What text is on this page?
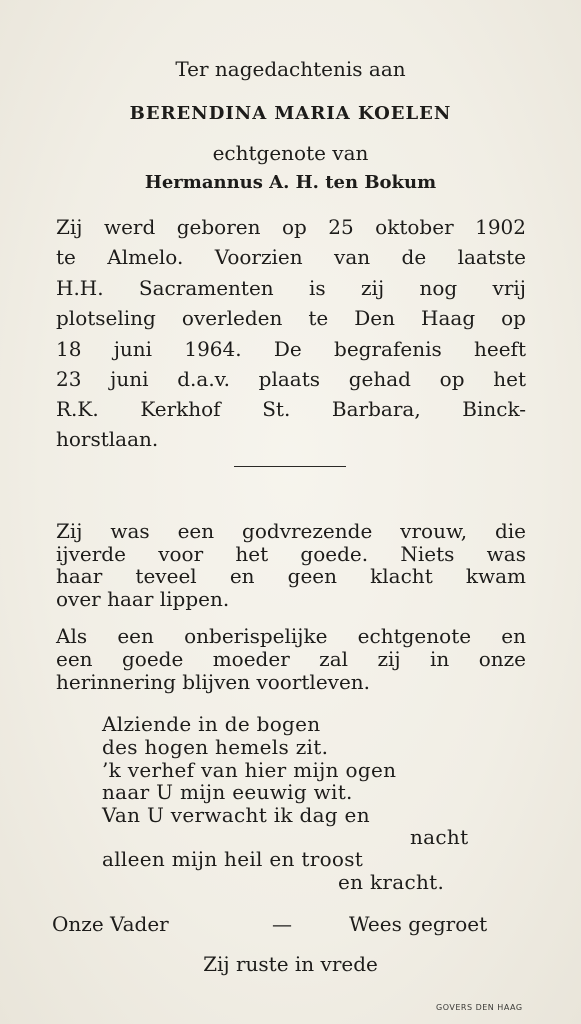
Ter nagedachtenis aan
BERENDINA MARIA KOELEN
echtgenote van
Hermannus A. H. ten Bokum
Zij werd geboren op 25 oktober 1902
te Almelo. Voorzien van de laatste
H.H. Sacramenten is zij nog vrij
plotseling overleden te Den Haag op
18 juni 1964. De begrafenis heeft
23 juni d.a.v. plaats gehad op het
R.K. Kerkhof St. Barbara, Binck-
horstlaan.
Zij was een godvrezende vrouw, die
ijverde voor het goede. Niets was
haar teveel en geen klacht kwam
over haar lippen.
Als een onberispelijke echtgenote en
een goede moeder zal zij in onze
herinnering blijven voortleven.
Alziende in de bogen
des hogen hemels zit.
’k verhef van hier mijn ogen
naar U mijn eeuwig wit.
Van U verwacht ik dag en
nacht
alleen mijn heil en troost
en kracht.
Onze Vader	—	Wees gegroet
Zij ruste in vrede
GOVERS DEN HAAG
